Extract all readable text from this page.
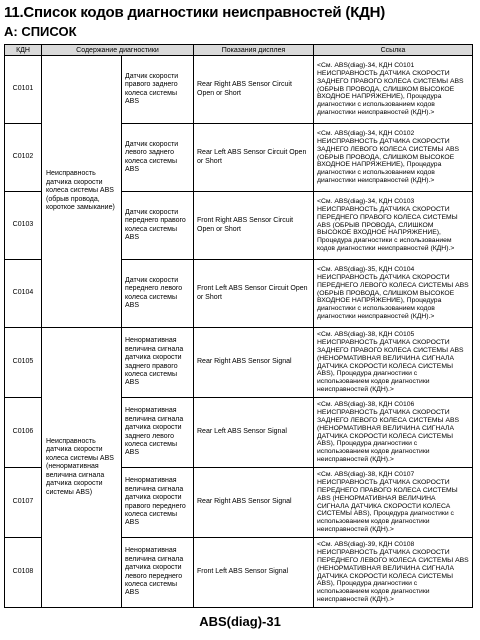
11.Список кодов диагностики неисправностей (КДН)
A: СПИСОК
КДН	Содержание диагностики		Показания дисплея	Ссылка
C0101	Неисправность датчика скорости колеса системы ABS (обрыв провода, короткое замыкание)	Датчик скорости правого заднего колеса системы ABS	Rear Right ABS Sensor Circuit Open or Short	<См. ABS(diag)-34, КДН C0101 НЕИСПРАВНОСТЬ ДАТЧИКА СКОРОСТИ ЗАДНЕГО ПРАВОГО КОЛЕСА СИСТЕМЫ ABS (ОБРЫВ ПРОВОДА, СЛИШКОМ ВЫСОКОЕ ВХОДНОЕ НАПРЯЖЕНИЕ), Процедура диагностики с использованием кодов диагностики неисправностей (КДН).>
C0102		Датчик скорости левого заднего колеса системы ABS	Rear Left ABS Sensor Circuit Open or Short	<См. ABS(diag)-34, КДН C0102 НЕИСПРАВНОСТЬ ДАТЧИКА СКОРОСТИ ЗАДНЕГО ЛЕВОГО КОЛЕСА СИСТЕМЫ ABS (ОБРЫВ ПРОВОДА, СЛИШКОМ ВЫСОКОЕ ВХОДНОЕ НАПРЯЖЕНИЕ), Процедура диагностики с использованием кодов диагностики неисправностей (КДН).>
C0103		Датчик скорости переднего правого колеса системы ABS	Front Right ABS Sensor Circuit Open or Short	<См. ABS(diag)-34, КДН C0103 НЕИСПРАВНОСТЬ ДАТЧИКА СКОРОСТИ ПЕРЕДНЕГО ПРАВОГО КОЛЕСА СИСТЕМЫ ABS (ОБРЫВ ПРОВОДА, СЛИШКОМ ВЫСОКОЕ ВХОДНОЕ НАПРЯЖЕНИЕ), Процедура диагностики с использованием кодов диагностики неисправностей (КДН).>
C0104		Датчик скорости переднего левого колеса системы ABS	Front Left ABS Sensor Circuit Open or Short	<См. ABS(diag)-35, КДН C0104 НЕИСПРАВНОСТЬ ДАТЧИКА СКОРОСТИ ПЕРЕДНЕГО ЛЕВОГО КОЛЕСА СИСТЕМЫ ABS (ОБРЫВ ПРОВОДА, СЛИШКОМ ВЫСОКОЕ ВХОДНОЕ НАПРЯЖЕНИЕ), Процедура диагностики с использованием кодов диагностики неисправностей (КДН).>
C0105	Неисправность датчика скорости колеса системы ABS (ненормативная величина сигнала датчика скорости системы ABS)	Ненормативная величина сигнала датчика скорости заднего правого колеса системы ABS	Rear Right ABS Sensor Signal	<См. ABS(diag)-38, КДН C0105 НЕИСПРАВНОСТЬ ДАТЧИКА СКОРОСТИ ЗАДНЕГО ПРАВОГО КОЛЕСА СИСТЕМЫ ABS (НЕНОРМАТИВНАЯ ВЕЛИЧИНА СИГНАЛА ДАТЧИКА СКОРОСТИ КОЛЕСА СИСТЕМЫ ABS), Процедура диагностики с использованием кодов диагностики неисправностей (КДН).>
C0106		Ненормативная величина сигнала датчика скорости заднего левого колеса системы ABS	Rear Left ABS Sensor Signal	<См. ABS(diag)-38, КДН C0106 НЕИСПРАВНОСТЬ ДАТЧИКА СКОРОСТИ ЗАДНЕГО ЛЕВОГО КОЛЕСА СИСТЕМЫ ABS (НЕНОРМАТИВНАЯ ВЕЛИЧИНА СИГНАЛА ДАТЧИКА СКОРОСТИ КОЛЕСА СИСТЕМЫ ABS), Процедура диагностики с использованием кодов диагностики неисправностей (КДН).>
C0107		Ненормативная величина сигнала датчика скорости правого переднего колеса системы ABS	Rear Right ABS Sensor Signal	<См. ABS(diag)-38, КДН C0107 НЕИСПРАВНОСТЬ ДАТЧИКА СКОРОСТИ ПЕРЕДНЕГО ПРАВОГО КОЛЕСА СИСТЕМЫ ABS (НЕНОРМАТИВНАЯ ВЕЛИЧИНА СИГНАЛА ДАТЧИКА СКОРОСТИ КОЛЕСА СИСТЕМЫ ABS), Процедура диагностики с использованием кодов диагностики неисправностей (КДН).>
C0108		Ненормативная величина сигнала датчика скорости левого переднего колеса системы ABS	Front Left ABS Sensor Signal	<См. ABS(diag)-39, КДН C0108 НЕИСПРАВНОСТЬ ДАТЧИКА СКОРОСТИ ПЕРЕДНЕГО ЛЕВОГО КОЛЕСА СИСТЕМЫ ABS (НЕНОРМАТИВНАЯ ВЕЛИЧИНА СИГНАЛА ДАТЧИКА СКОРОСТИ КОЛЕСА СИСТЕМЫ ABS), Процедура диагностики с использованием кодов диагностики неисправностей (КДН).>
ABS(diag)-31
